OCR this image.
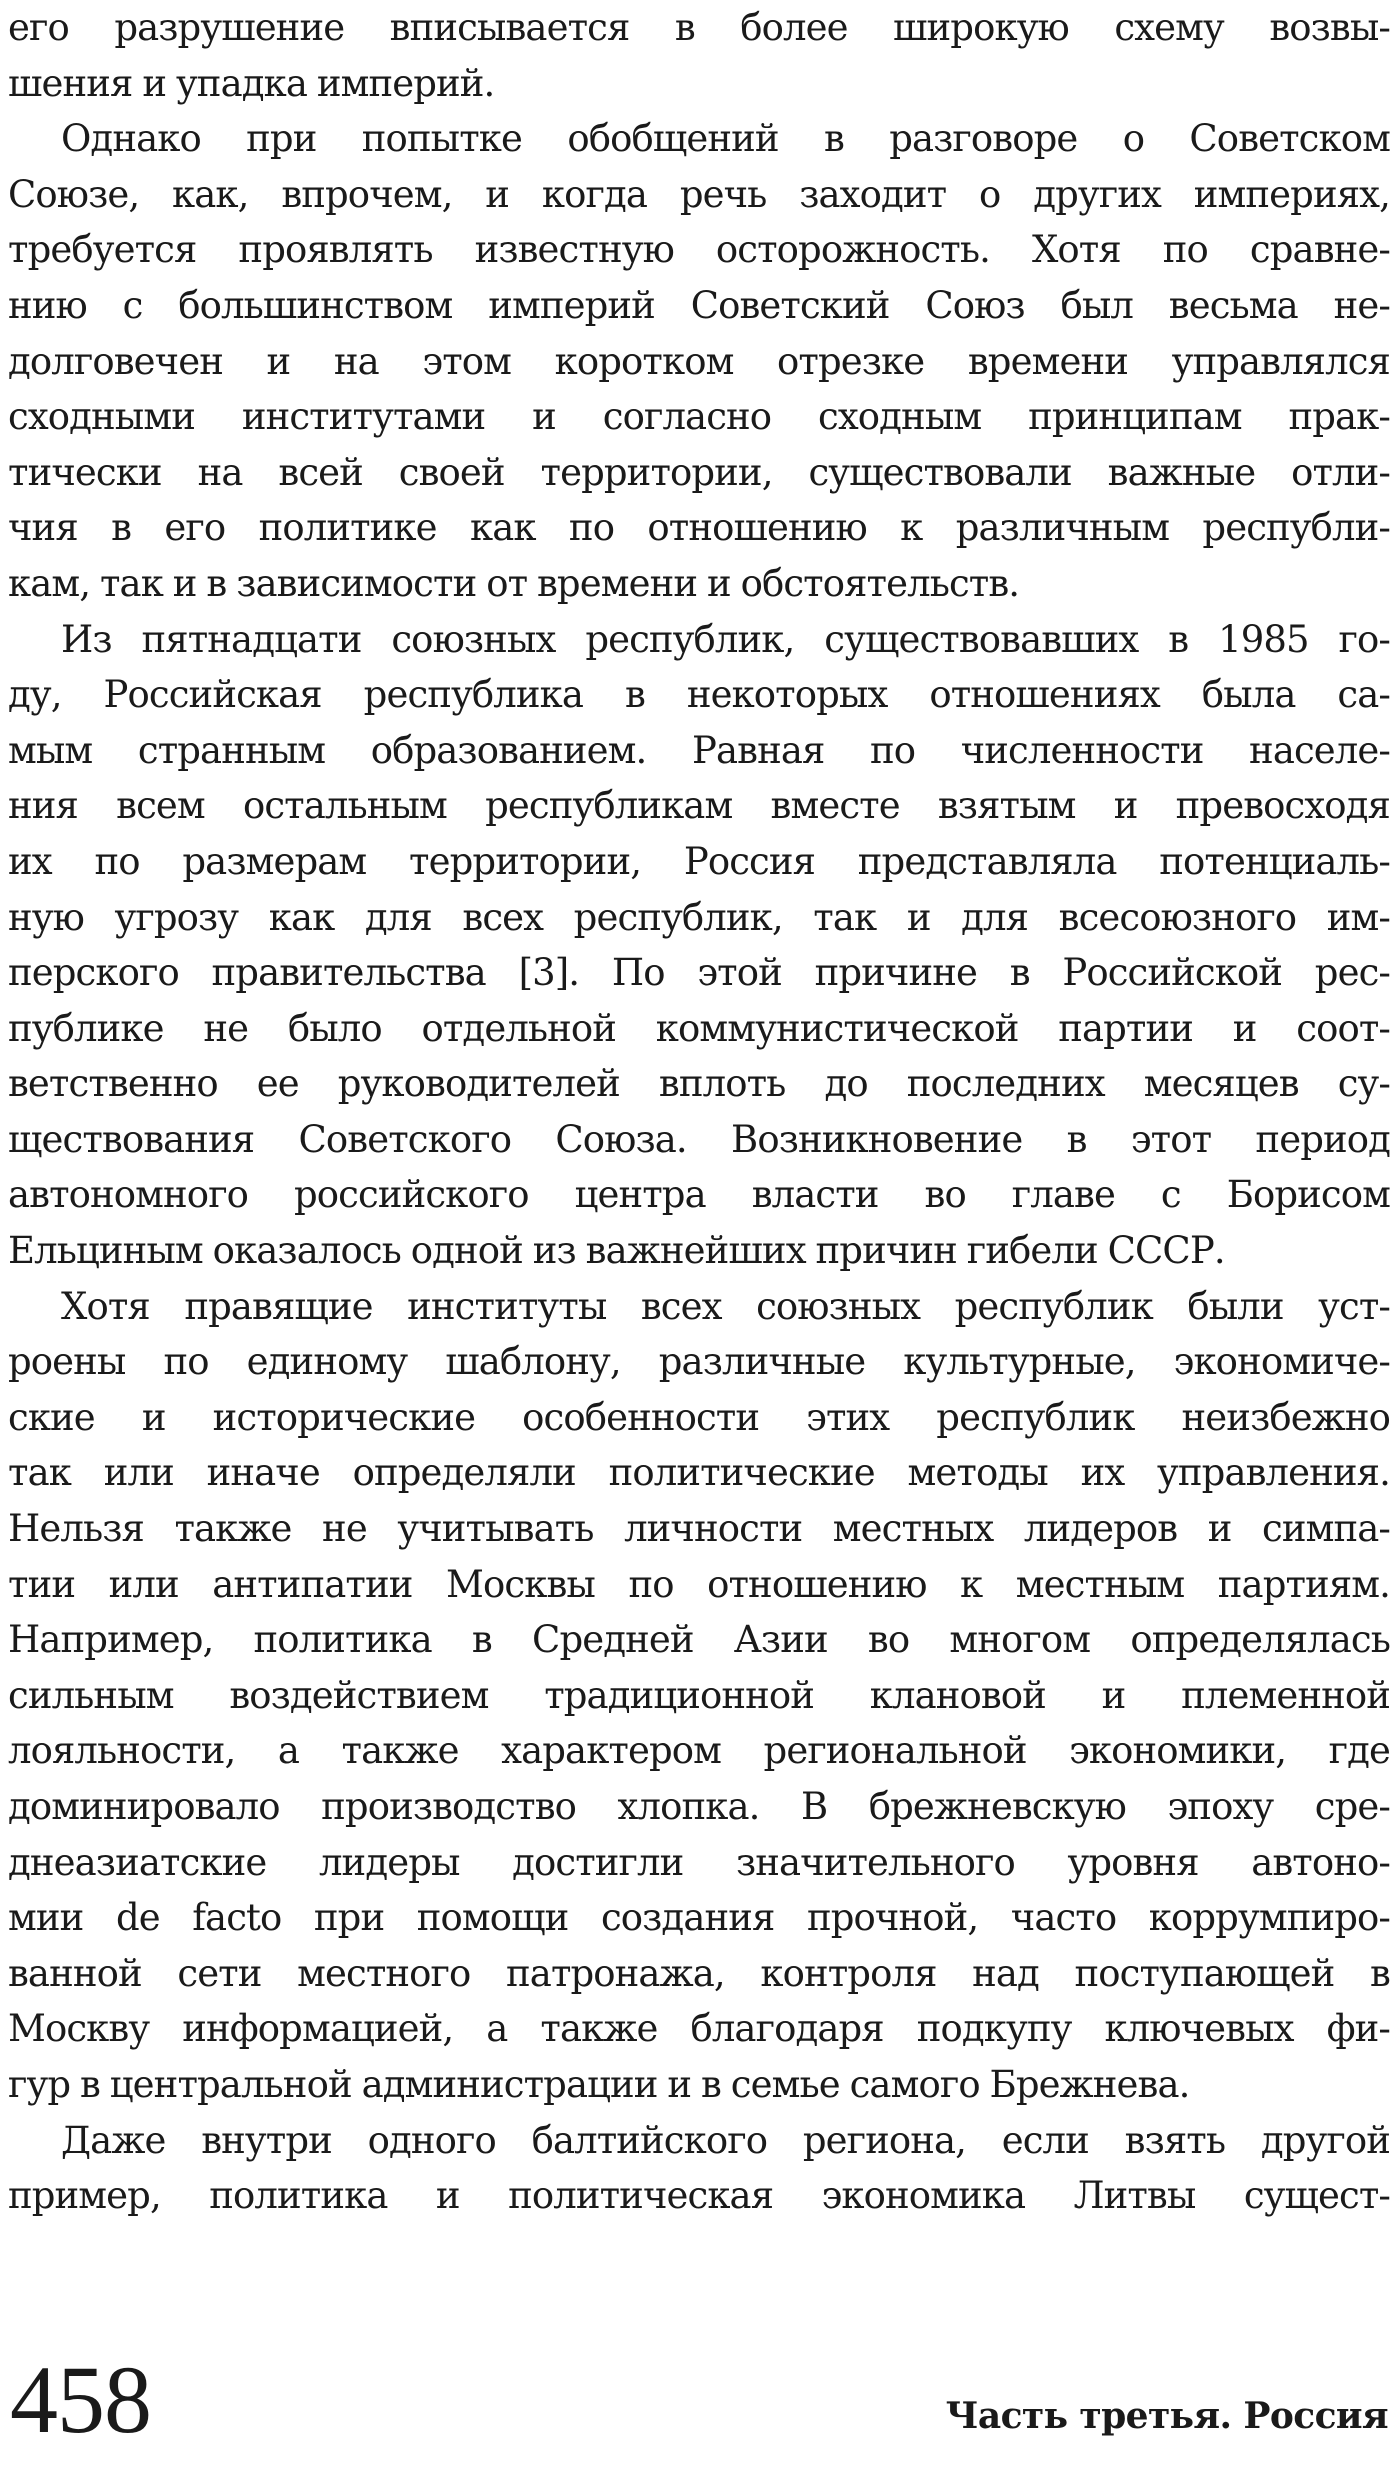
его разрушение вписывается в более широкую схему возвы-
шения и упадка империй.
Однако при попытке обобщений в разговоре о Советском
Союзе, как, впрочем, и когда речь заходит о других империях,
требуется проявлять известную осторожность. Хотя по сравне-
нию с большинством империй Советский Союз был весьма не-
долговечен и на этом коротком отрезке времени управлялся
сходными институтами и согласно сходным принципам прак-
тически на всей своей территории, существовали важные отли-
чия в его политике как по отношению к различным республи-
кам, так и в зависимости от времени и обстоятельств.
Из пятнадцати союзных республик, существовавших в 1985 го-
ду, Российская республика в некоторых отношениях была са-
мым странным образованием. Равная по численности населе-
ния всем остальным республикам вместе взятым и превосходя
их по размерам территории, Россия представляла потенциаль-
ную угрозу как для всех республик, так и для всесоюзного им-
перского правительства [3]. По этой причине в Российской рес-
публике не было отдельной коммунистической партии и соот-
ветственно ее руководителей вплоть до последних месяцев су-
ществования Советского Союза. Возникновение в этот период
автономного российского центра власти во главе с Борисом
Ельциным оказалось одной из важнейших причин гибели СССР.
Хотя правящие институты всех союзных республик были уст-
роены по единому шаблону, различные культурные, экономиче-
ские и исторические особенности этих республик неизбежно
так или иначе определяли политические методы их управления.
Нельзя также не учитывать личности местных лидеров и симпа-
тии или антипатии Москвы по отношению к местным партиям.
Например, политика в Средней Азии во многом определялась
сильным воздействием традиционной клановой и племенной
лояльности, а также характером региональной экономики, где
доминировало производство хлопка. В брежневскую эпоху сре-
днеазиатские лидеры достигли значительного уровня автоно-
мии de facto при помощи создания прочной, часто коррумпиро-
ванной сети местного патронажа, контроля над поступающей в
Москву информацией, а также благодаря подкупу ключевых фи-
гур в центральной администрации и в семье самого Брежнева.
Даже внутри одного балтийского региона, если взять другой
пример, политика и политическая экономика Литвы сущест-
458	Часть третья. Россия
